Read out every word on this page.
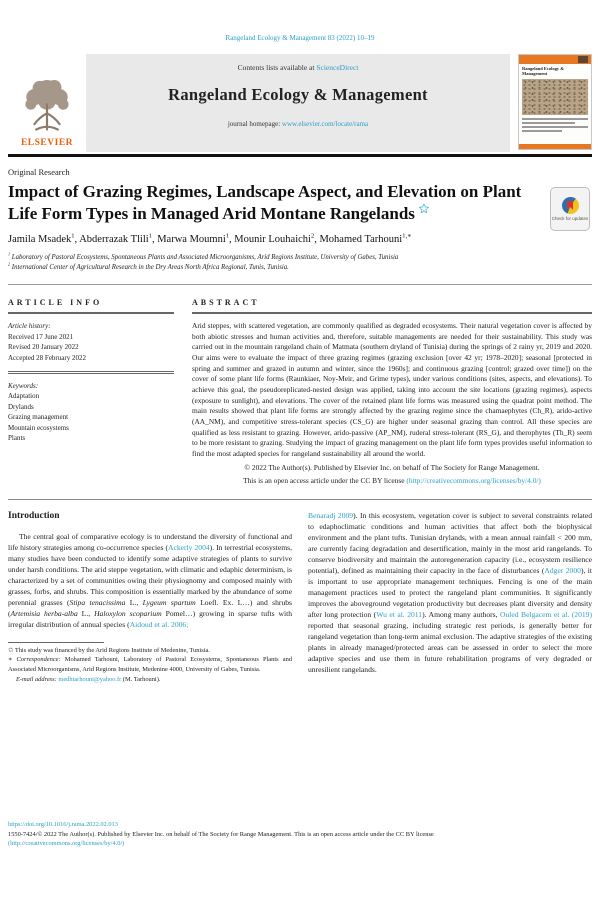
Rangeland Ecology & Management 83 (2022) 10–19
ELSEVIER
Contents lists available at ScienceDirect
Rangeland Ecology & Management
journal homepage: www.elsevier.com/locate/rama
Rangeland Ecology & Management
Original Research
Impact of Grazing Regimes, Landscape Aspect, and Elevation on Plant Life Form Types in Managed Arid Montane Rangelands ✩
Check for updates
Jamila Msadek$^1$, Abderrazak Tlili$^1$, Marwa Moumni$^1$, Mounir Louhaichi$^2$, Mohamed Tarhouni$^{1,∗}$
$^1$ Laboratory of Pastoral Ecosystems, Spontaneous Plants and Associated Microorganisms, Arid Regions Institute, University of Gabes, Tunisia
$^2$ International Center of Agricultural Research in the Dry Areas North Africa Regional, Tunis, Tunisia.
ARTICLE INFO
Article history:
Received 17 June 2021
Revised 20 January 2022
Accepted 28 February 2022
Keywords:
Adaptation
Drylands
Grazing management
Mountain ecosystems
Plants
ABSTRACT
Arid steppes, with scattered vegetation, are commonly qualified as degraded ecosystems. Their natural vegetation cover is affected by both abiotic stresses and human activities and, therefore, suitable managements are needed for their sustainability. This study was carried out in the mountain rangeland chain of Matmata (southern dryland of Tunisia) during the springs of 2 rainy yr, 2019 and 2020. Our aims were to evaluate the impact of three grazing regimes (grazing exclusion [over 42 yr; 1978–2020]; seasonal [protected in spring and summer and grazed in autumn and winter, since the 1960s]; and continuous grazing [control; grazed over time]) on the cover of some plant life forms (Raunkiaer, Noy-Meir, and Grime types), under various conditions (sites, aspects, and elevations). To achieve this goal, the pseudoreplicated-nested design was applied, taking into account the site locations (grazing regimes), aspects (exposure to sunlight), and elevations. The cover of the retained plant life forms was measured using the quadrat point method. The main results showed that plant life forms are strongly affected by the grazing regime since the chamaephytes (Ch_R), arido-active (AA_NM), and competitive stress-tolerant species (CS_G) are higher under seasonal grazing than control. All these species are qualified as less resistant to grazing. However, arido-passive (AP_NM), ruderal stress-tolerant (RS_G), and therophytes (Th_R) seem to be more resistant to grazing. Studying the impact of grazing management on the plant life form types provides useful information to find the most adapted species for rangeland sustainability all around the world.
© 2022 The Author(s). Published by Elsevier Inc. on behalf of The Society for Range Management.
This is an open access article under the CC BY license (http://creativecommons.org/licenses/by/4.0/)
Introduction
The central goal of comparative ecology is to understand the diversity of functional and life history strategies among co-occurrence species (Ackerly 2004). In terrestrial ecosystems, many studies have been conducted to identify some adaptive strategies of plants to survive under harsh conditions. The arid steppe vegetation, with climatic and edaphic determinism, is characterized by a set of communities owing their physiognomy and composed mainly with grasses, forbs, and shrubs. This composition is essentially marked by the abundance of some perennial grasses (Stipa tenacissima L., Lygeum spartum Loefl. Ex. L…) and shrubs (Artemisia herba-alba L., Haloxylon scoparium Pomel…) growing in sparse tufts with irregular distribution of annual species (Aidoud et al. 2006;
✩ This study was financed by the Arid Regions Institute of Medenine, Tunisia.
∗ Correspondence: Mohamed Tarhouni, Laboratory of Pastoral Ecosystems, Spontaneous Plants and Associated Microorganisms, Arid Regions Institute, Medenine 4000, University of Gabes, Tunisia.
E-mail address: medhtarhouni@yahoo.fr (M. Tarhouni).
Benaradj 2009). In this ecosystem, vegetation cover is subject to several constraints related to edaphoclimatic conditions and human activities that affect both the biophysical environment and the plant tufts. Tunisian drylands, with a mean annual rainfall < 200 mm, are currently facing degradation and desertification, mainly in the most arid rangelands. To conserve biodiversity and maintain the autoregeneration capacity (i.e., ecosystem resilience potential), defined as maintaining their capacity in the face of disturbances (Adger 2000), it is important to use appropriate management techniques. Fencing is one of the main management practices used to protect the rangeland plant communities. It significantly improves the aboveground vegetation productivity but decreases plant diversity and density after long protection (Wu et al. 2011). Among many authors, Ouled Belgacem et al. (2019) reported that seasonal grazing, including strategic rest periods, is generally better for rangeland vegetation than long-term animal exclusion. The adaptive strategies of the existing plants in already managed/protected areas can be assessed in order to select the more adaptive species and use them in future rehabilitation programs of very degraded or unresilient rangelands.
https://doi.org/10.1016/j.rama.2022.02.013
1550-7424/© 2022 The Author(s). Published by Elsevier Inc. on behalf of The Society for Range Management. This is an open access article under the CC BY license
(http://creativecommons.org/licenses/by/4.0/)
